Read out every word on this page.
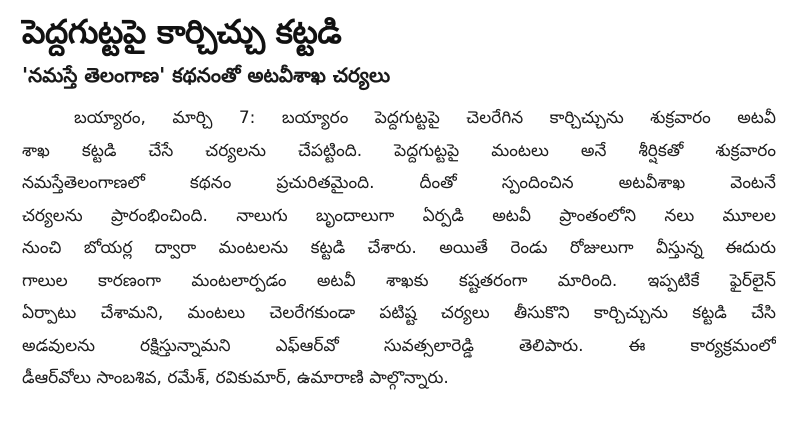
పెద్దగుట్టపై కార్చిచ్చు కట్టడి
'నమస్తే తెలంగాణ' కథనంతో అటవీశాఖ చర్యలు
బయ్యారం, మార్చి 7: బయ్యారం పెద్దగుట్టపై చెలరేగిన కార్చిచ్చును శుక్రవారం అటవీ
శాఖ కట్టడి చేసే చర్యలను చేపట్టింది. పెద్దగుట్టపై మంటలు అనే శీర్షికతో శుక్రవారం
నమస్తేతెలంగాణలో కథనం ప్రచురితమైంది. దీంతో స్పందించిన అటవీశాఖ వెంటనే
చర్యలను ప్రారంభించింది. నాలుగు బృందాలుగా ఏర్పడి అటవీ ప్రాంతంలోని నలు మూలల
నుంచి బోయర్ల ద్వారా మంటలను కట్టడి చేశారు. అయితే రెండు రోజులుగా వీస్తున్న ఈదురు
గాలుల కారణంగా మంటలార్పడం అటవీ శాఖకు కష్టతరంగా మారింది. ఇప్పటికే ఫైర్‌లైన్
ఏర్పాటు చేశామని, మంటలు చెలరేగకుండా పటిష్ట చర్యలు తీసుకొని కార్చిచ్చును కట్టడి చేసి
అడవులను రక్షిస్తున్నామని ఎఫ్‌ఆర్‌వో సువత్సలారెడ్డి తెలిపారు. ఈ కార్యక్రమంలో
డీఆర్‌వోలు సాంబశివ, రమేశ్, రవికుమార్, ఉమారాణి పాల్గొన్నారు.
